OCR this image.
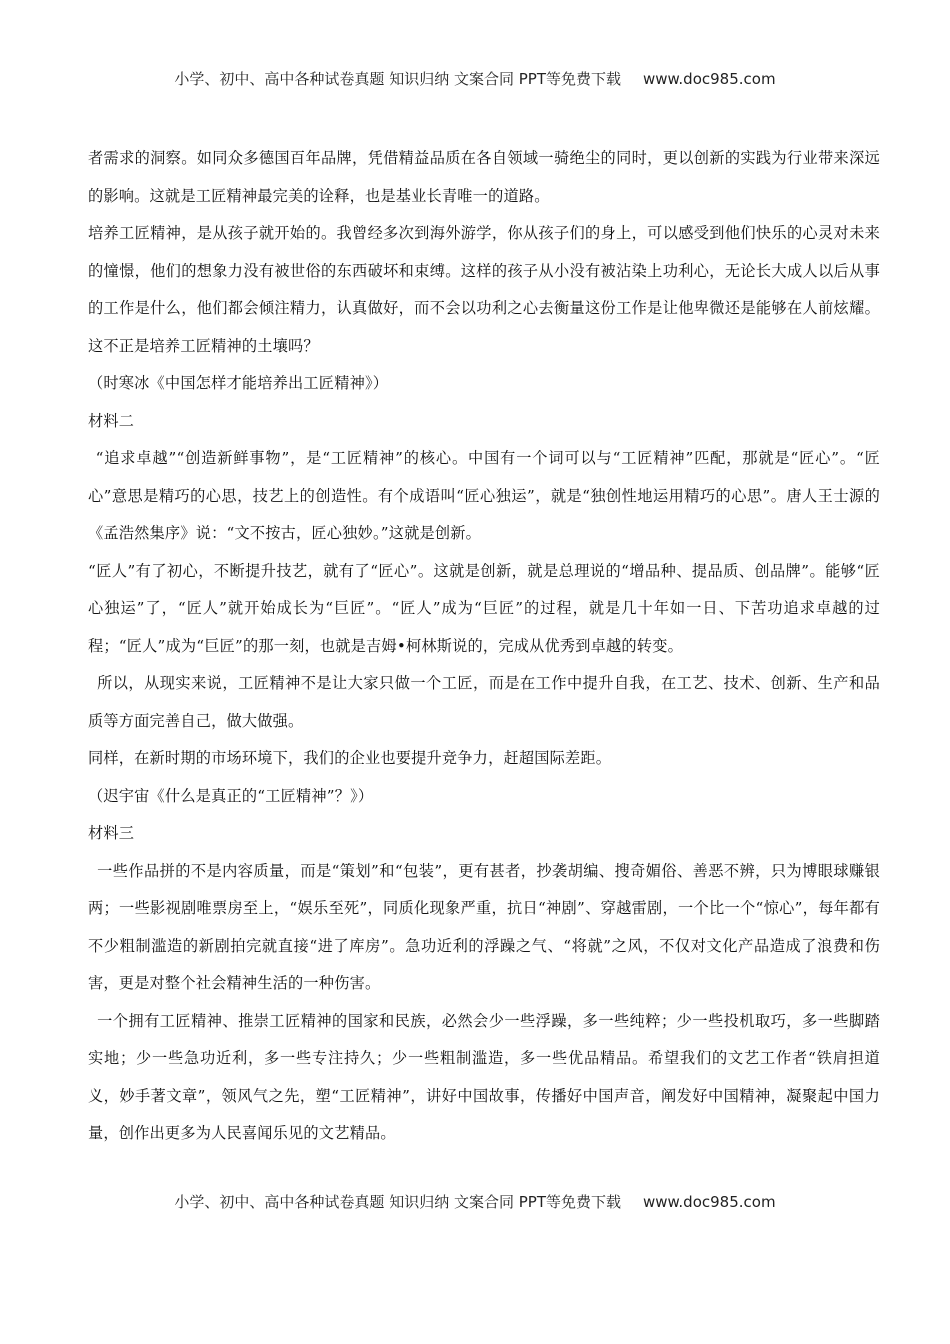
小学、初中、高中各种试卷真题 知识归纳 文案合同 PPT等免费下载 www.doc985.com

者需求的洞察。如同众多德国百年品牌，凭借精益品质在各自领域一骑绝尘的同时，更以创新的实践为行业带来深远的影响。这就是工匠精神最完美的诠释，也是基业长青唯一的道路。

培养工匠精神，是从孩子就开始的。我曾经多次到海外游学，你从孩子们的身上，可以感受到他们快乐的心灵对未来的憧憬，他们的想象力没有被世俗的东西破坏和束缚。这样的孩子从小没有被沾染上功利心，无论长大成人以后从事的工作是什么，他们都会倾注精力，认真做好，而不会以功利之心去衡量这份工作是让他卑微还是能够在人前炫耀。这不正是培养工匠精神的土壤吗？

（时寒冰《中国怎样才能培养出工匠精神》）

材料二

“追求卓越”“创造新鲜事物”，是“工匠精神”的核心。中国有一个词可以与“工匠精神”匹配，那就是“匠心”。“匠心”意思是精巧的心思，技艺上的创造性。有个成语叫“匠心独运”，就是“独创性地运用精巧的心思”。唐人王士源的《孟浩然集序》说：“文不按古，匠心独妙。”这就是创新。

“匠人”有了初心，不断提升技艺，就有了“匠心”。这就是创新，就是总理说的“增品种、提品质、创品牌”。能够“匠心独运”了，“匠人”就开始成长为“巨匠”。“匠人”成为“巨匠”的过程，就是几十年如一日、下苦功追求卓越的过程；“匠人”成为“巨匠”的那一刻，也就是吉姆•柯林斯说的，完成从优秀到卓越的转变。

所以，从现实来说，工匠精神不是让大家只做一个工匠，而是在工作中提升自我，在工艺、技术、创新、生产和品质等方面完善自己，做大做强。

同样，在新时期的市场环境下，我们的企业也要提升竞争力，赶超国际差距。

（迟宇宙《什么是真正的“工匠精神”？》）

材料三

一些作品拼的不是内容质量，而是“策划”和“包装”，更有甚者，抄袭胡编、搜奇媚俗、善恶不辨，只为博眼球赚银两；一些影视剧唯票房至上，“娱乐至死”，同质化现象严重，抗日“神剧”、穿越雷剧，一个比一个“惊心”，每年都有不少粗制滥造的新剧拍完就直接“进了库房”。急功近利的浮躁之气、“将就”之风，不仅对文化产品造成了浪费和伤害，更是对整个社会精神生活的一种伤害。

一个拥有工匠精神、推崇工匠精神的国家和民族，必然会少一些浮躁，多一些纯粹；少一些投机取巧，多一些脚踏实地；少一些急功近利，多一些专注持久；少一些粗制滥造，多一些优品精品。希望我们的文艺工作者“铁肩担道义，妙手著文章”，领风气之先，塑“工匠精神”，讲好中国故事，传播好中国声音，阐发好中国精神，凝聚起中国力量，创作出更多为人民喜闻乐见的文艺精品。

小学、初中、高中各种试卷真题 知识归纳 文案合同 PPT等免费下载 www.doc985.com
